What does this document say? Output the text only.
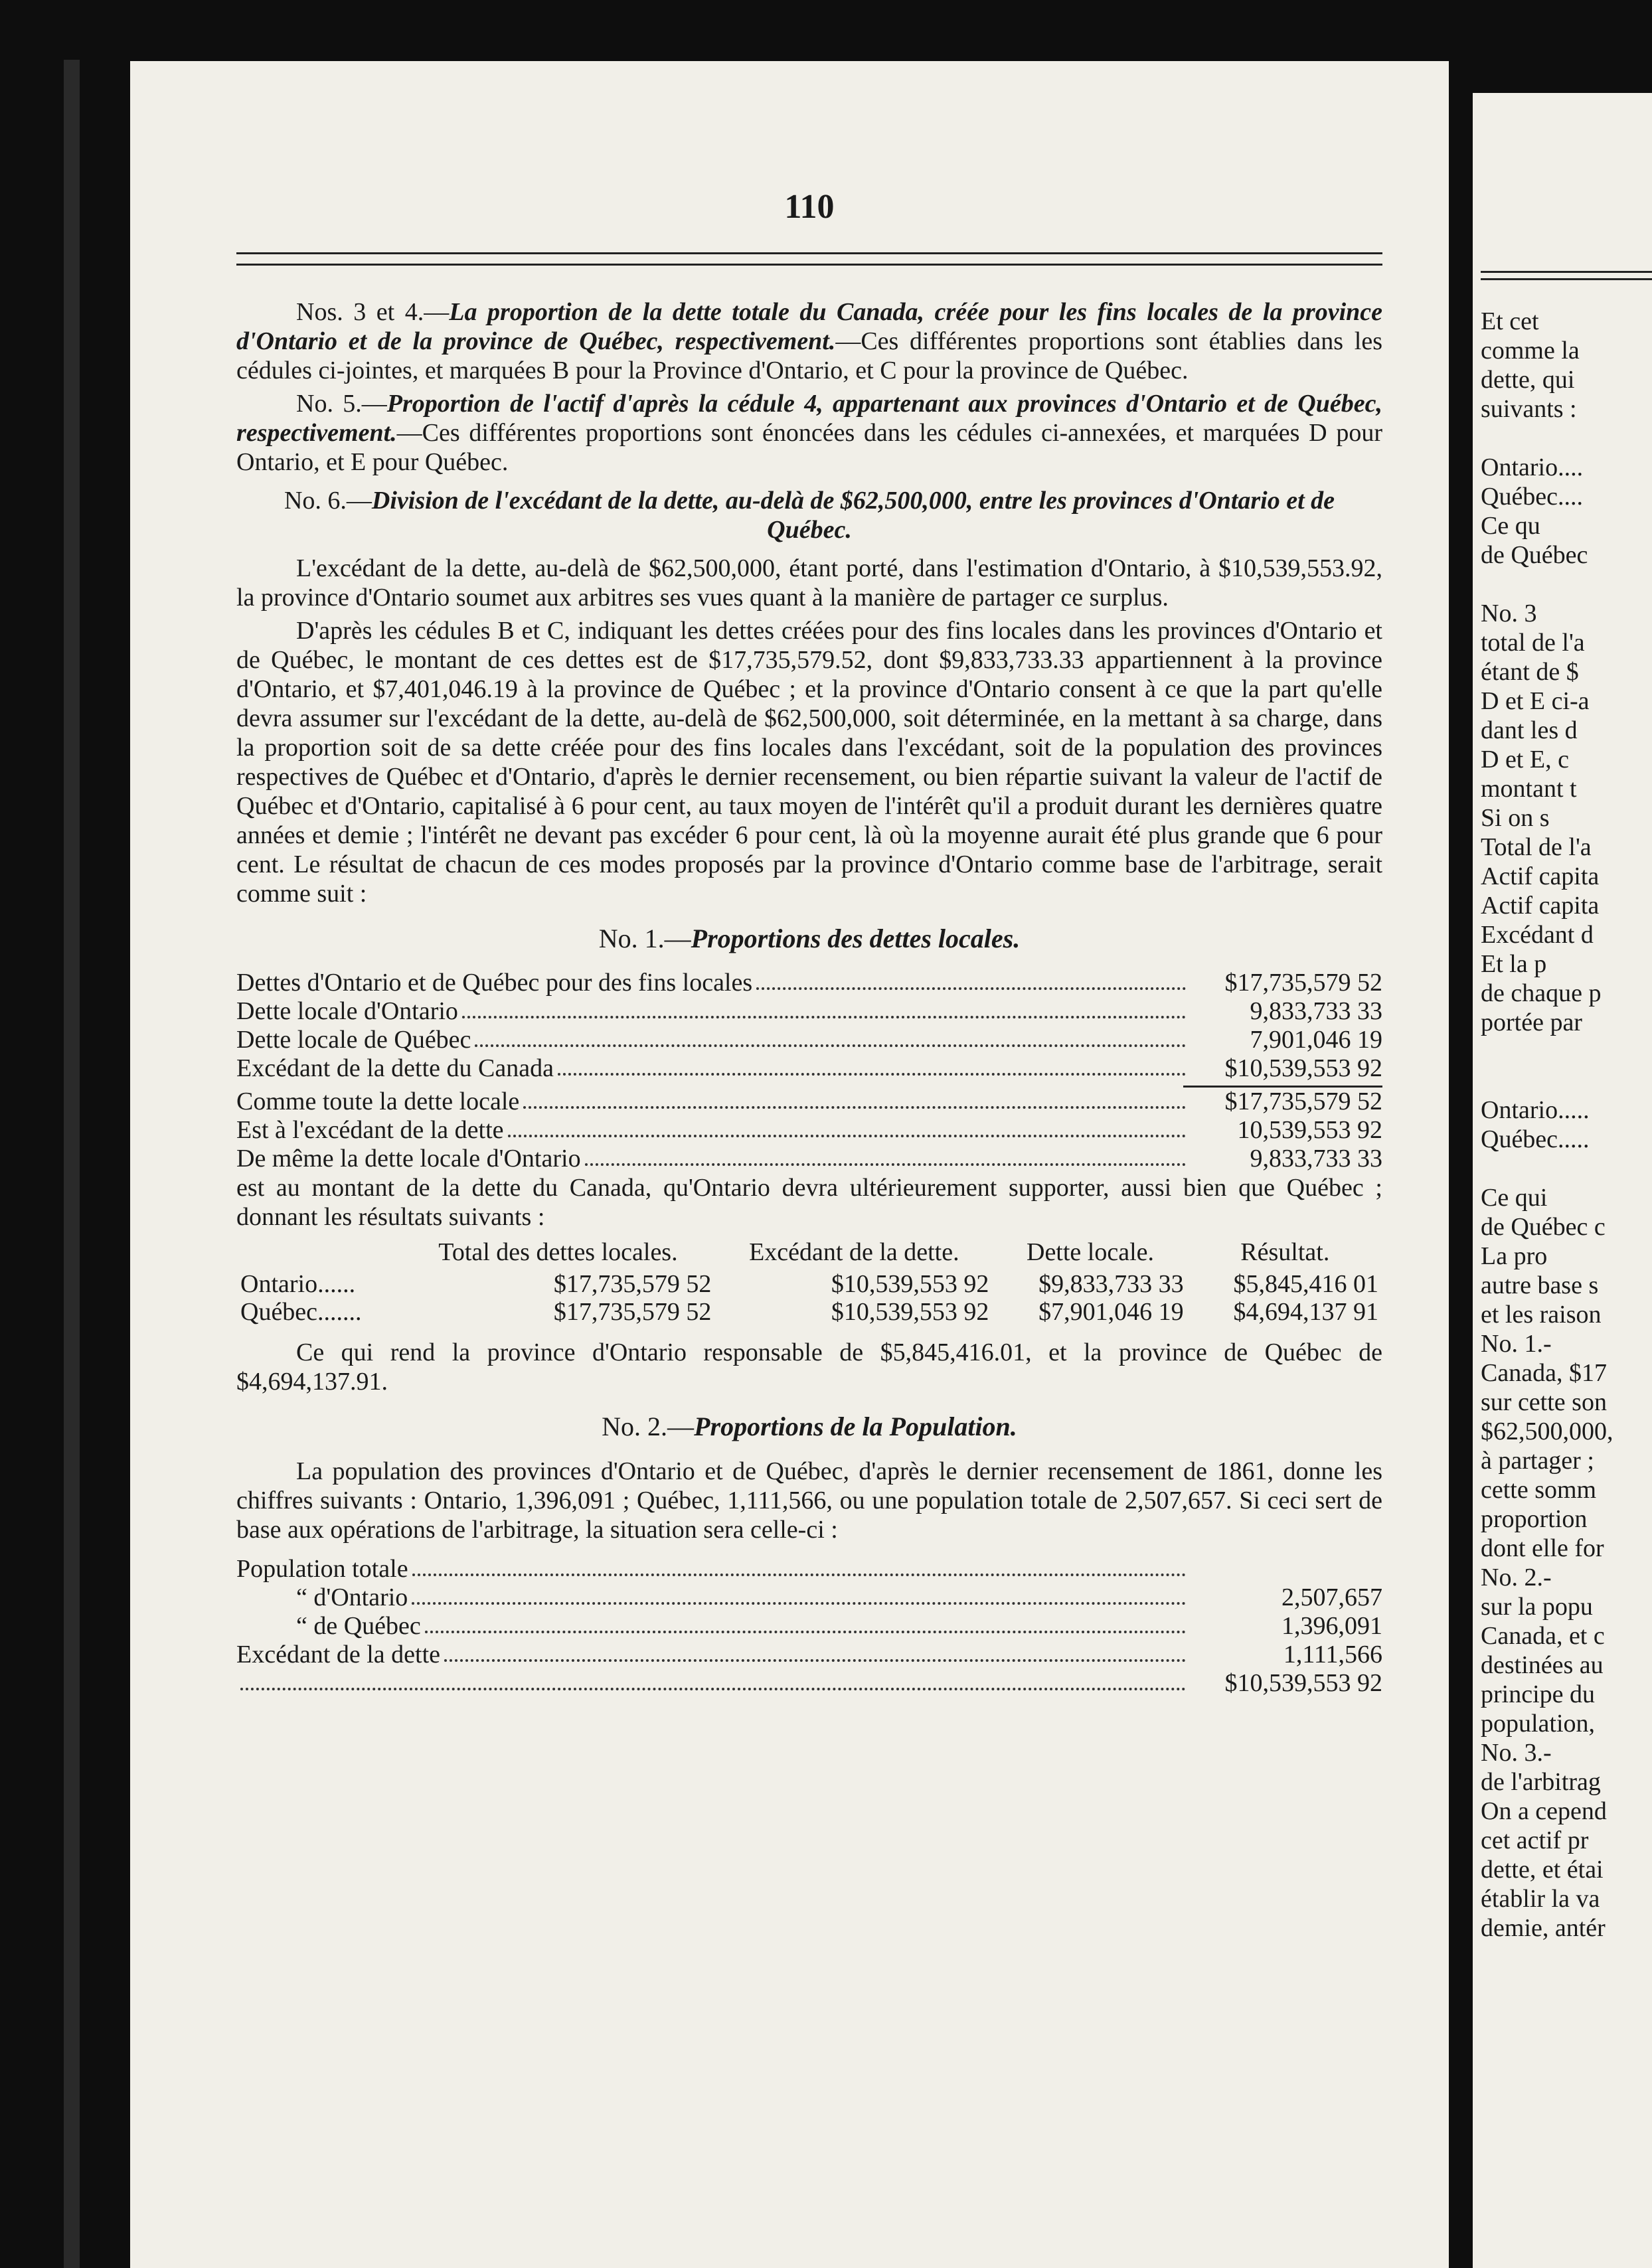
110

Nos. 3 et 4.—La proportion de la dette totale du Canada, créée pour les fins locales de la province d'Ontario et de la province de Québec, respectivement.—Ces différentes proportions sont établies dans les cédules ci-jointes, et marquées B pour la Province d'Ontario, et C pour la province de Québec.

No. 5.—Proportion de l'actif d'après la cédule 4, appartenant aux provinces d'Ontario et de Québec, respectivement.—Ces différentes proportions sont énoncées dans les cédules ci-annexées, et marquées D pour Ontario, et E pour Québec.

No. 6.—Division de l'excédant de la dette, au-delà de $62,500,000, entre les provinces d'Ontario et de Québec.

L'excédant de la dette, au-delà de $62,500,000, étant porté, dans l'estimation d'Ontario, à $10,539,553.92, la province d'Ontario soumet aux arbitres ses vues quant à la manière de partager ce surplus.

D'après les cédules B et C, indiquant les dettes créées pour des fins locales dans les provinces d'Ontario et de Québec, le montant de ces dettes est de $17,735,579.52, dont $9,833,733.33 appartiennent à la province d'Ontario, et $7,401,046.19 à la province de Québec ; et la province d'Ontario consent à ce que la part qu'elle devra assumer sur l'excédant de la dette, au-delà de $62,500,000, soit déterminée, en la mettant à sa charge, dans la proportion soit de sa dette créée pour des fins locales dans l'excédant, soit de la population des provinces respectives de Québec et d'Ontario, d'après le dernier recensement, ou bien répartie suivant la valeur de l'actif de Québec et d'Ontario, capitalisé à 6 pour cent, au taux moyen de l'intérêt qu'il a produit durant les dernières quatre années et demie ; l'intérêt ne devant pas excéder 6 pour cent, là où la moyenne aurait été plus grande que 6 pour cent. Le résultat de chacun de ces modes proposés par la province d'Ontario comme base de l'arbitrage, serait comme suit :

No. 1.—Proportions des dettes locales.
Dettes d'Ontario et de Québec pour des fins locales	$17,735,579 52
Dette locale d'Ontario	9,833,733 33
Dette locale de Québec	7,901,046 19
Excédant de la dette du Canada	$10,539,553 92
Comme toute la dette locale	$17,735,579 52
Est à l'excédant de la dette	10,539,553 92
De même la dette locale d'Ontario	9,833,733 33

est au montant de la dette du Canada, qu'Ontario devra ultérieurement supporter, aussi bien que Québec ; donnant les résultats suivants :

	Total des dettes locales.	Excédant de la dette.	Dette locale.	Résultat.
Ontario......	$17,735,579 52	$10,539,553 92	$9,833,733 33	$5,845,416 01
Québec.......	$17,735,579 52	$10,539,553 92	$7,901,046 19	$4,694,137 91

Ce qui rend la province d'Ontario responsable de $5,845,416.01, et la province de Québec de $4,694,137.91.

No. 2.—Proportions de la Population.

La population des provinces d'Ontario et de Québec, d'après le dernier recensement de 1861, donne les chiffres suivants : Ontario, 1,396,091 ; Québec, 1,111,566, ou une population totale de 2,507,657. Si ceci sert de base aux opérations de l'arbitrage, la situation sera celle-ci :

Population totale
“ d'Ontario	2,507,657
“ de Québec	1,396,091
Excédant de la dette	1,111,566
$10,539,553 92
Et cet
comme la
dette, qui
suivants :
Ontario....
Québec....
Ce qu
de Québec
No. 3
total de l'a
étant de $
D et E ci-a
dant les d
D et E, c
montant t
Si on s
Total de l'a
Actif capita
Actif capita
Excédant d
Et la p
de chaque p
portée par
Ontario.....
Québec.....
Ce qui
de Québec c
La pro
autre base s
et les raison
No. 1.-
Canada, $17
sur cette son
$62,500,000,
à partager ;
cette somm
proportion
dont elle for
No. 2.-
sur la popu
Canada, et c
destinées au
principe du
population,
No. 3.-
de l'arbitrag
On a cepend
cet actif pr
dette, et étai
établir la va
demie, antér
